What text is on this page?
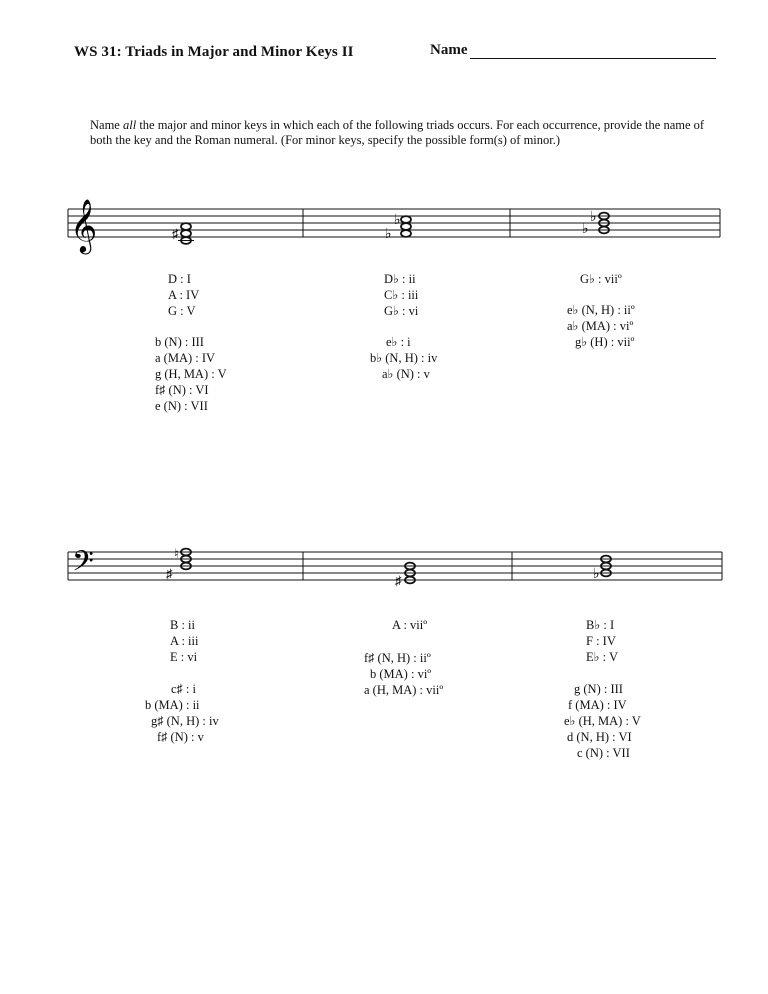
WS 31: Triads in Major and Minor Keys II	Name
Name all the major and minor keys in which each of the following triads occurs. For each occurrence, provide the name of both the key and the Roman numeral. (For minor keys, specify the possible form(s) of minor.)
𝄞	♯	♭
♭
♭
♭
D : I
A : IV
G : V
b (N) : III
a (MA) : IV
g (H, MA) : V
f♯ (N) : VI
e (N) : VII
D♭ : ii
C♭ : iii
G♭ : vi
e♭ : i
b♭ (N, H) : iv
a♭ (N) : v
G♭ : viiº
e♭ (N, H) : iiº
a♭ (MA) : viº
g♭ (H) : viiº
𝄢	♯
♮
♯	♭
B : ii
A : iii
E : vi
c♯ : i
b (MA) : ii
g♯ (N, H) : iv
f♯ (N) : v
A : viiº
f♯ (N, H) : iiº
b (MA) : viº
a (H, MA) : viiº
B♭ : I
F : IV
E♭ : V
g (N) : III
f (MA) : IV
e♭ (H, MA) : V
d (N, H) : VI
c (N) : VII
